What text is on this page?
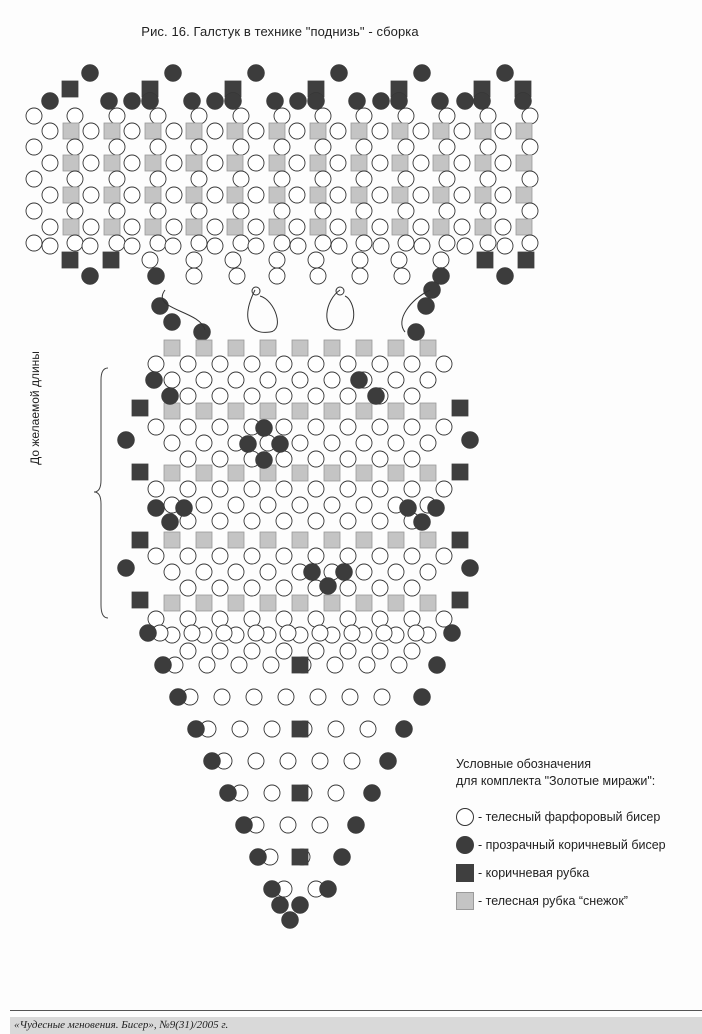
Рис. 16. Галстук в технике "поднизь" - сборка
До желаемой длины
Условные обозначения
для комплекта "Золотые миражи":
- телесный фарфоровый бисер
- прозрачный коричневый бисер
- коричневая рубка
- телесная рубка “снежок”
«Чудесные мгновения. Бисер», №9(31)/2005 г.
